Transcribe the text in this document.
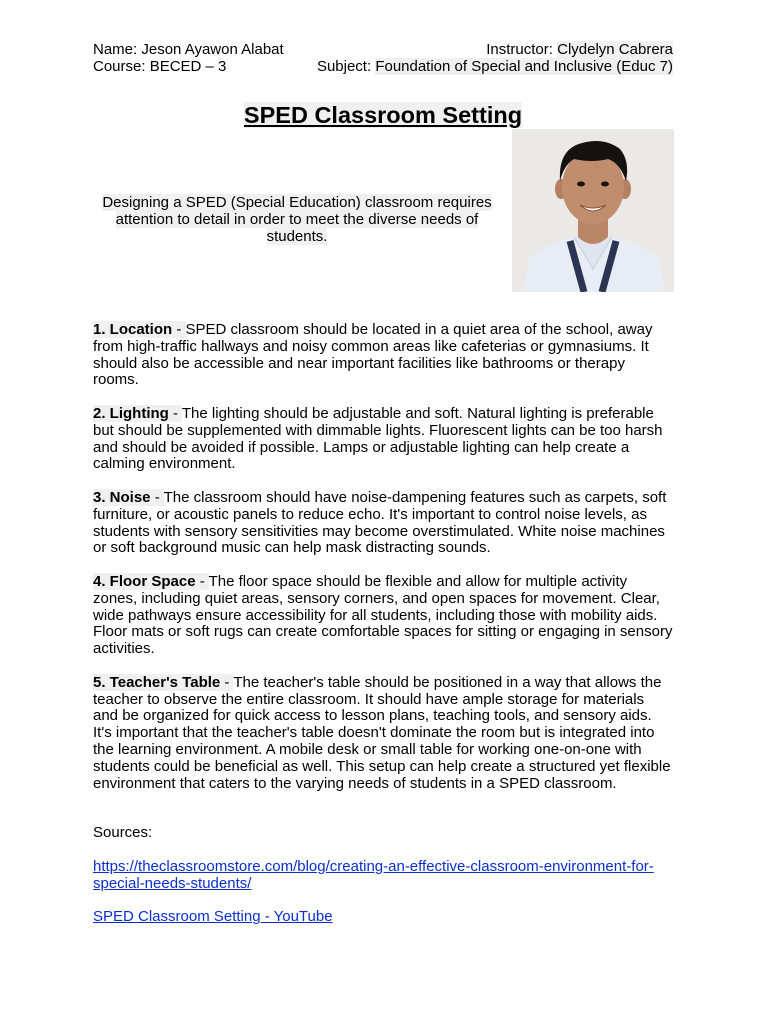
Name: Jeson Ayawon Alabat	Instructor: Clydelyn Cabrera
Course: BECED – 3	Subject: Foundation of Special and Inclusive (Educ 7)
SPED Classroom Setting
Designing a SPED (Special Education) classroom requires attention to detail in order to meet the diverse needs of students.

1. Location - SPED classroom should be located in a quiet area of the school, away from high-traffic hallways and noisy common areas like cafeterias or gymnasiums. It should also be accessible and near important facilities like bathrooms or therapy rooms.

2. Lighting - The lighting should be adjustable and soft. Natural lighting is preferable but should be supplemented with dimmable lights. Fluorescent lights can be too harsh and should be avoided if possible. Lamps or adjustable lighting can help create a calming environment.

3. Noise - The classroom should have noise-dampening features such as carpets, soft furniture, or acoustic panels to reduce echo. It's important to control noise levels, as students with sensory sensitivities may become overstimulated. White noise machines or soft background music can help mask distracting sounds.

4. Floor Space - The floor space should be flexible and allow for multiple activity zones, including quiet areas, sensory corners, and open spaces for movement. Clear, wide pathways ensure accessibility for all students, including those with mobility aids. Floor mats or soft rugs can create comfortable spaces for sitting or engaging in sensory activities.

5. Teacher's Table - The teacher's table should be positioned in a way that allows the teacher to observe the entire classroom. It should have ample storage for materials and be organized for quick access to lesson plans, teaching tools, and sensory aids. It's important that the teacher's table doesn't dominate the room but is integrated into the learning environment. A mobile desk or small table for working one-on-one with students could be beneficial as well. This setup can help create a structured yet flexible environment that caters to the varying needs of students in a SPED classroom.

Sources:
https://theclassroomstore.com/blog/creating-an-effective-classroom-environment-for-special-needs-students/
SPED Classroom Setting - YouTube
